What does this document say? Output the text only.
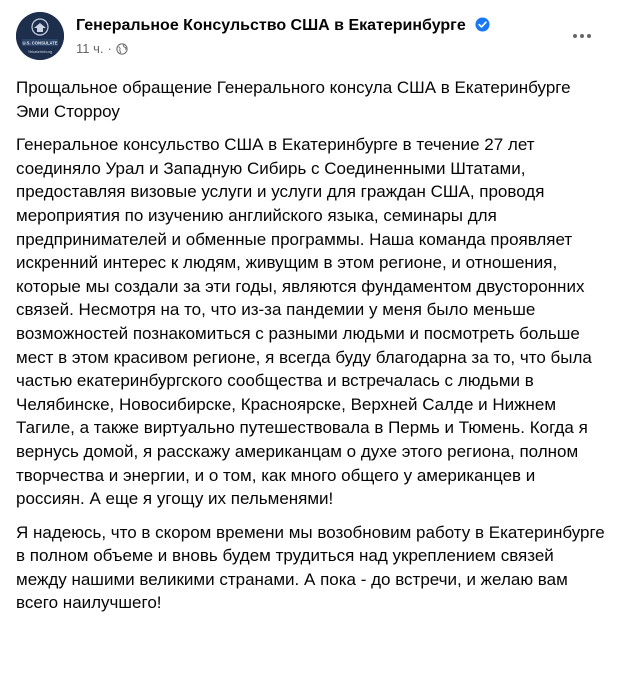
U.S. CONSULATE
Yekaterinburg
Генеральное Консульство США в Екатеринбурге
11 ч. ·

Прощальное обращение Генерального консула США в Екатеринбурге Эми Сторроу

Генеральное консульство США в Екатеринбурге в течение 27 лет соединяло Урал и Западную Сибирь с Соединенными Штатами, предоставляя визовые услуги и услуги для граждан США, проводя мероприятия по изучению английского языка, семинары для предпринимателей и обменные программы. Наша команда проявляет искренний интерес к людям, живущим в этом регионе, и отношения, которые мы создали за эти годы, являются фундаментом двусторонних связей. Несмотря на то, что из-за пандемии у меня было меньше возможностей познакомиться с разными людьми и посмотреть больше мест в этом красивом регионе, я всегда буду благодарна за то, что была частью екатеринбургского сообщества и встречалась с людьми в Челябинске, Новосибирске, Красноярске, Верхней Салде и Нижнем Тагиле, а также виртуально путешествовала в Пермь и Тюмень. Когда я вернусь домой, я расскажу американцам о духе этого региона, полном творчества и энергии, и о том, как много общего у американцев и россиян. А еще я угощу их пельменями!

Я надеюсь, что в скором времени мы возобновим работу в Екатеринбурге в полном объеме и вновь будем трудиться над укреплением связей между нашими великими странами. А пока - до встречи, и желаю вам всего наилучшего!
